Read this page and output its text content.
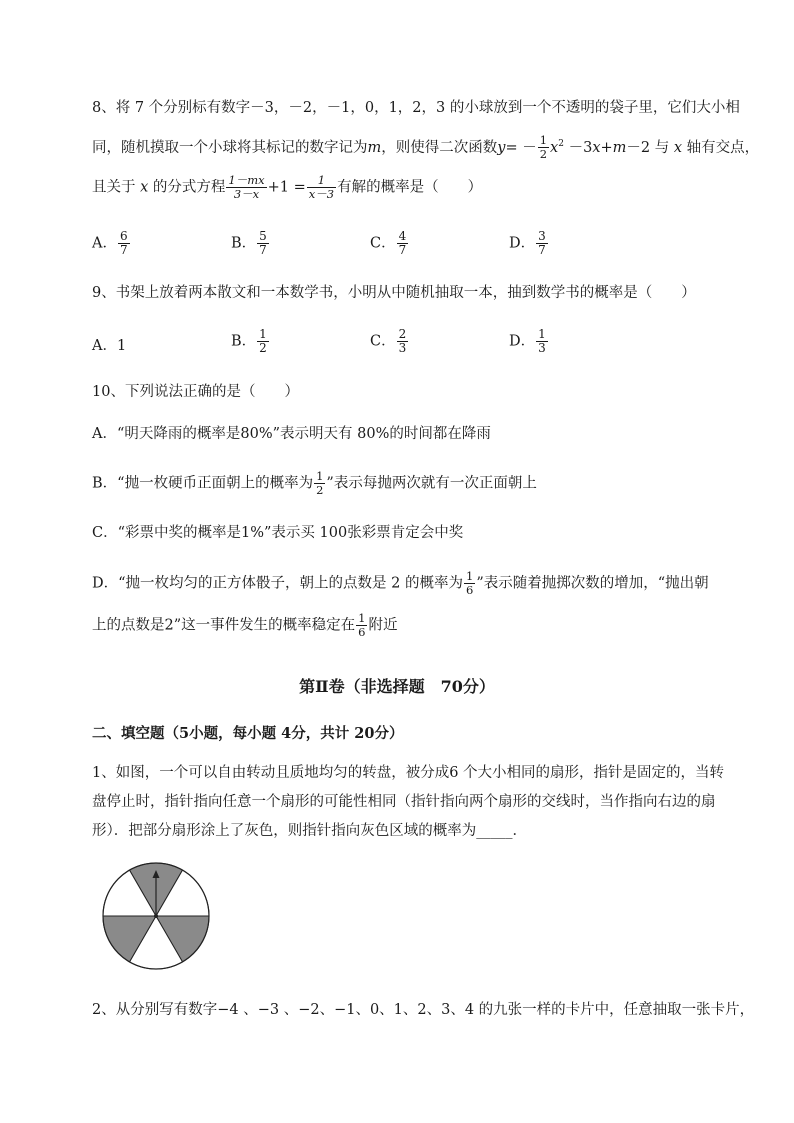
8、将 7 个分别标有数字－3，－2，－1，0，1，2，3 的小球放到一个不透明的袋子里，它们大小相
同，随机摸取一个小球将其标记的数字记为m，则使得二次函数$y= - \frac{1}{2} x^2 -3x+m-2$ 与 x 轴有交点，
且关于 x 的分式方程 $\frac{1-mx}{3-x} +1 = \frac{1}{x-3}$ 有解的概率是（　　）
A． $\frac{6}{7}$	B． $\frac{5}{7}$	C． $\frac{4}{7}$	D． $\frac{3}{7}$
9、书架上放着两本散文和一本数学书，小明从中随机抽取一本，抽到数学书的概率是（　　）
A．1	B． $\frac{1}{2}$	C． $\frac{2}{3}$	D． $\frac{1}{3}$
10、下列说法正确的是（　　）
A．“明天降雨的概率是80%”表示明天有 80%的时间都在降雨
B．“抛一枚硬币正面朝上的概率为 $\frac{1}{2}$ ”表示每抛两次就有一次正面朝上
C．“彩票中奖的概率是1%”表示买 100张彩票肯定会中奖
D．“抛一枚均匀的正方体骰子，朝上的点数是 2 的概率为 $\frac{1}{6}$ ”表示随着抛掷次数的增加，“抛出朝
上的点数是2”这一事件发生的概率稳定在 $\frac{1}{6}$ 附近
第Ⅱ卷（非选择题　70分）
二、填空题（5小题，每小题 4分，共计 20分）
1、如图，一个可以自由转动且质地均匀的转盘，被分成6 个大小相同的扇形，指针是固定的，当转
盘停止时，指针指向任意一个扇形的可能性相同（指针指向两个扇形的交线时，当作指向右边的扇
形）．把部分扇形涂上了灰色，则指针指向灰色区域的概率为_____．
2、从分别写有数字−4 、−3 、−2、−1、0、1、2、3、4 的九张一样的卡片中，任意抽取一张卡片，
